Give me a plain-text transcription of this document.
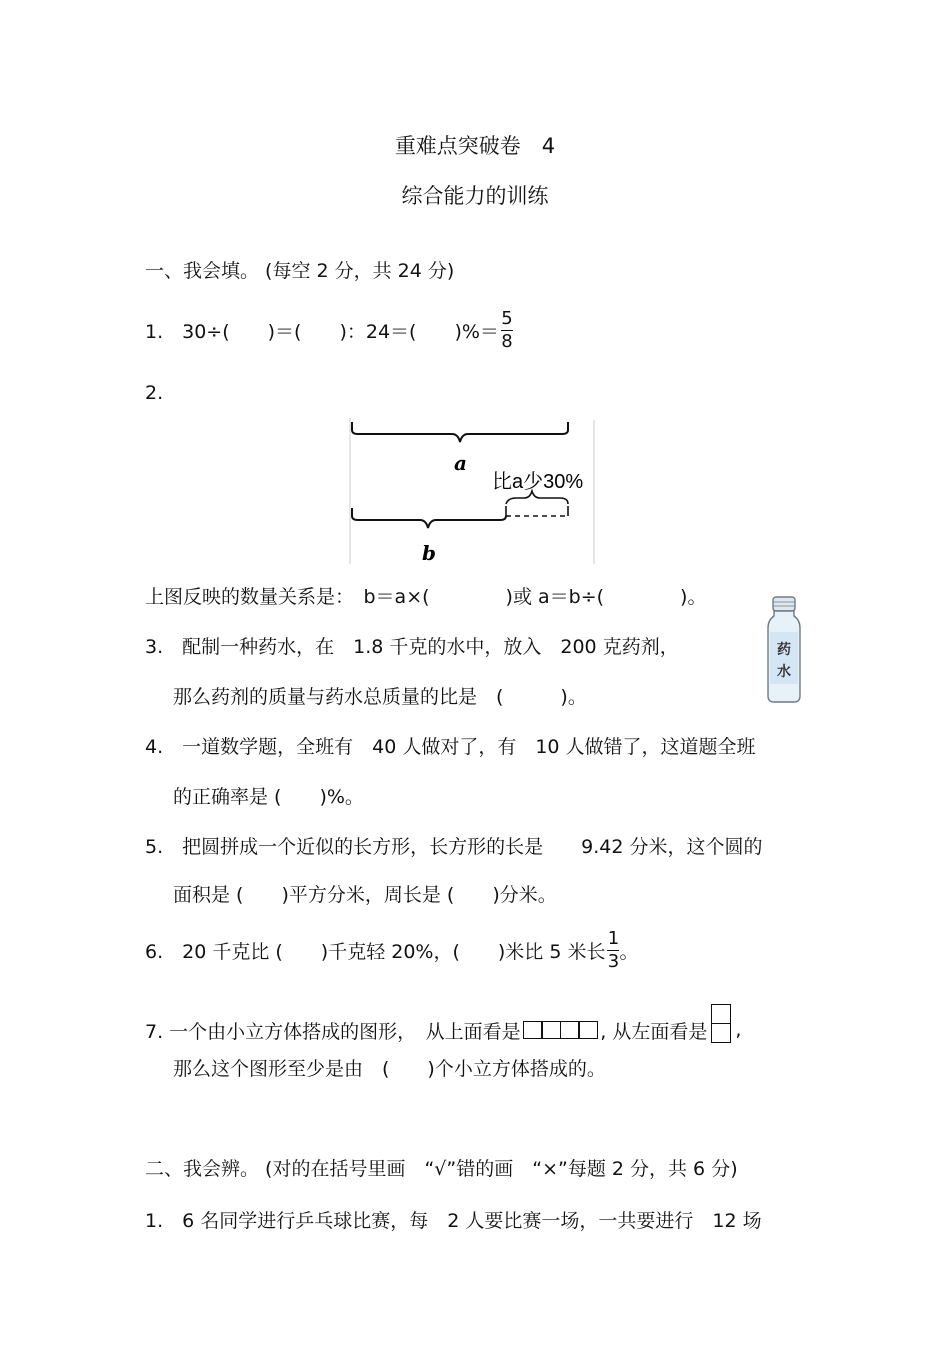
重难点突破卷　4
综合能力的训练
一、我会填。 (每空 2 分，共 24 分)
1.　30÷(　　)＝(　　)：24＝(　　)%＝ $\frac{5}{8}$
2.
a
比a少30%
b
上图反映的数量关系是：　b＝a×(　　　　)或 a＝b÷(　　　　)。
3.　配制一种药水，在　1.8 千克的水中，放入　200 克药剂，
那么药剂的质量与药水总质量的比是　(　　　)。
药
水
4.　一道数学题，全班有　40 人做对了，有　10 人做错了，这道题全班
的正确率是 (　　)%。
5.　把圆拼成一个近似的长方形，长方形的长是　　9.42 分米，这个圆的
面积是 (　　)平方分米，周长是 (　　)分米。
6.　20 千克比 (　　)千克轻 20%，(　　)米比 5 米长 $\frac{1}{3}$ 。
7. 一个由小立方体搭成的图形，　从上面看是	, 从左面看是 ,
那么这个图形至少是由　(　　)个小立方体搭成的。
二、我会辨。 (对的在括号里画　“√”错的画　“×”每题 2 分，共 6 分)
1.　6 名同学进行乒乓球比赛，每　2 人要比赛一场，一共要进行　12 场
